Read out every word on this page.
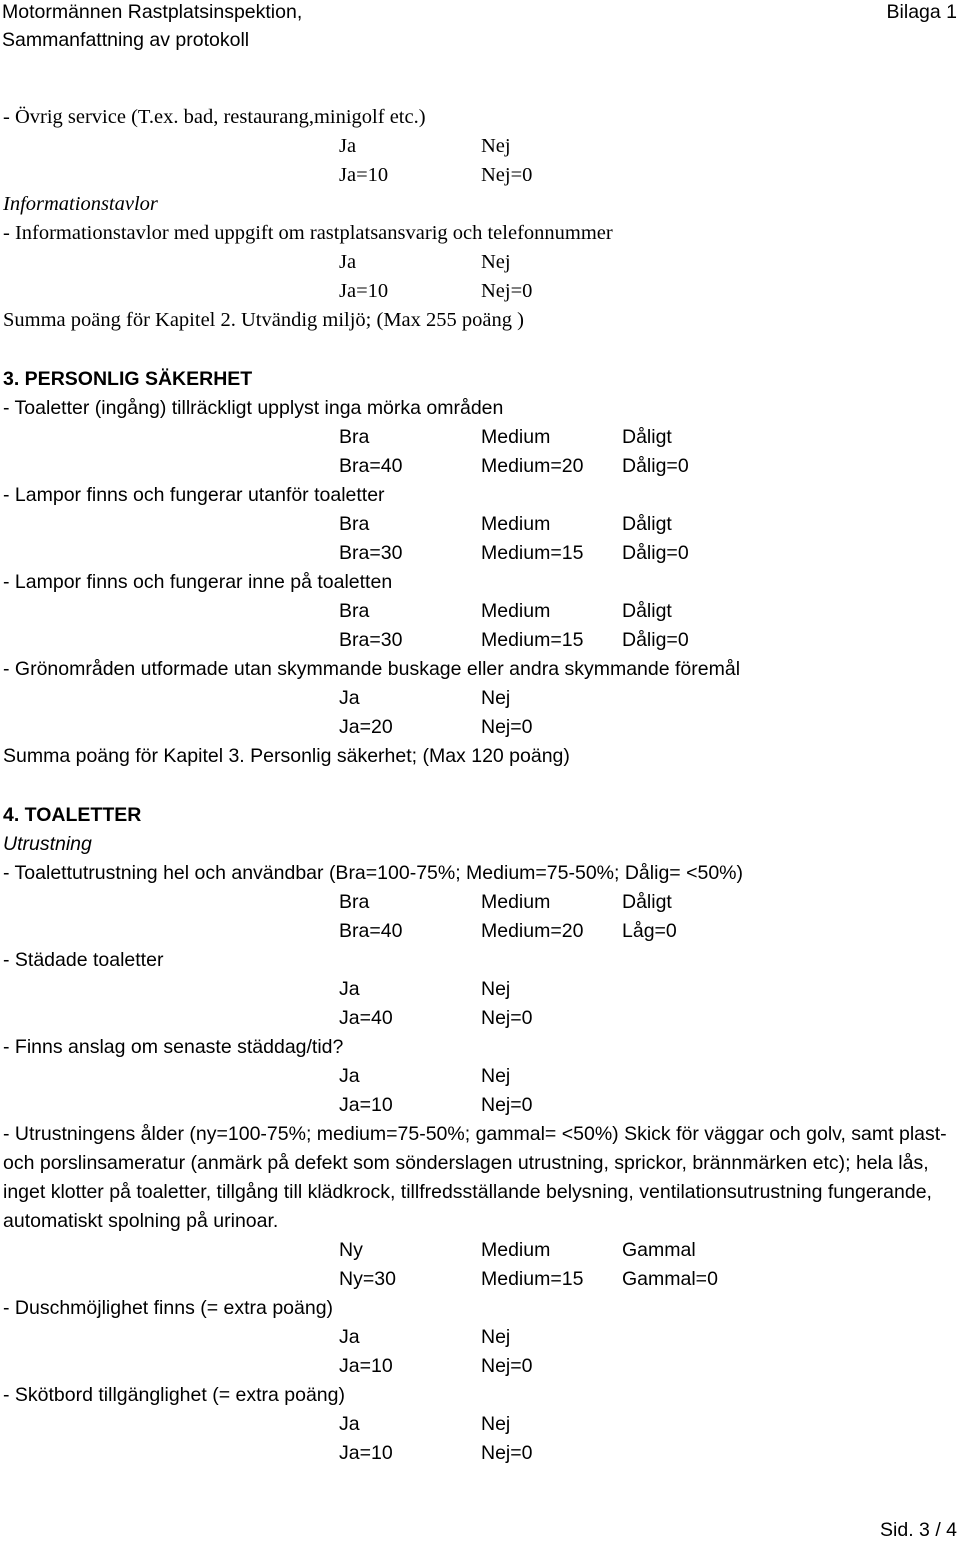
Motormännen Rastplatsinspektion,
Sammanfattning av protokoll
Bilaga 1
- Övrig service (T.ex. bad, restaurang,minigolf etc.)
Ja	Nej
Ja=10	Nej=0
Informationstavlor
- Informationstavlor med uppgift om rastplatsansvarig och telefonnummer
Ja	Nej
Ja=10	Nej=0
Summa poäng för Kapitel 2. Utvändig miljö; (Max 255 poäng )
3. PERSONLIG SÄKERHET
- Toaletter (ingång) tillräckligt upplyst inga mörka områden
Bra	Medium	Dåligt
Bra=40	Medium=20 Dålig=0
- Lampor finns och fungerar utanför toaletter
Bra	Medium	Dåligt
Bra=30	Medium=15 Dålig=0
- Lampor finns och fungerar inne på toaletten
Bra	Medium	Dåligt
Bra=30	Medium=15 Dålig=0
- Grönområden utformade utan skymmande buskage eller andra skymmande föremål
Ja	Nej
Ja=20	Nej=0
Summa poäng för Kapitel 3. Personlig säkerhet; (Max 120 poäng)
4. TOALETTER
Utrustning
- Toalettutrustning hel och användbar (Bra=100-75%; Medium=75-50%; Dålig= <50%)
Bra	Medium	Dåligt
Bra=40	Medium=20 Låg=0
- Städade toaletter
Ja	Nej
Ja=40	Nej=0
- Finns anslag om senaste städdag/tid?
Ja	Nej
Ja=10	Nej=0
- Utrustningens ålder (ny=100-75%; medium=75-50%; gammal= <50%) Skick för väggar och golv, samt plast- och porslinsameratur (anmärk på defekt som sönderslagen utrustning, sprickor, brännmärken etc); hela lås, inget klotter på toaletter, tillgång till klädkrock, tillfredsställande belysning, ventilationsutrustning fungerande, automatiskt spolning på urinoar.
Ny	Medium	Gammal
Ny=30	Medium=15 Gammal=0
- Duschmöjlighet finns (= extra poäng)
Ja	Nej
Ja=10	Nej=0
- Skötbord tillgänglighet (= extra poäng)
Ja	Nej
Ja=10	Nej=0
Sid. 3 / 4
